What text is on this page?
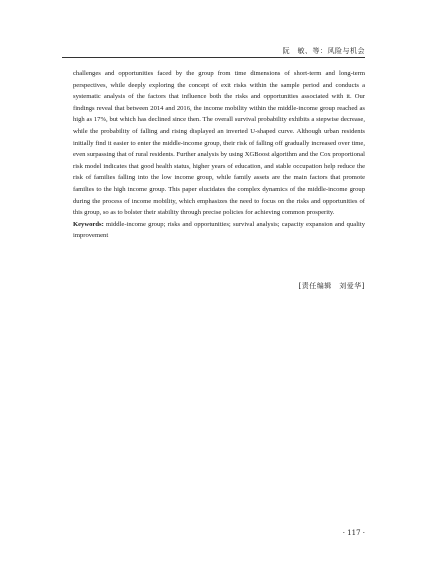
阮　敏、等：风险与机会

challenges and opportunities faced by the group from time dimensions of short-term and long-term perspectives, while deeply exploring the concept of exit risks within the sample period and conducts a systematic analysis of the factors that influence both the risks and opportunities associated with it. Our findings reveal that between 2014 and 2016, the income mobility within the middle-income group reached as high as 17%, but which has declined since then. The overall survival probability exhibits a stepwise decrease, while the probability of falling and rising displayed an inverted U-shaped curve. Although urban residents initially find it easier to enter the middle-income group, their risk of falling off gradually increased over time, even surpassing that of rural residents. Further analysis by using XGBoost algorithm and the Cox proportional risk model indicates that good health status, higher years of education, and stable occupation help reduce the risk of families falling into the low income group, while family assets are the main factors that promote families to the high income group. This paper elucidates the complex dynamics of the middle-income group during the process of income mobility, which emphasizes the need to focus on the risks and opportunities of this group, so as to bolster their stability through precise policies for achieving common prosperity.
Keywords: middle-income group; risks and opportunities; survival analysis; capacity expansion and quality improvement

[责任编辑　刘爱华]
· 117 ·
